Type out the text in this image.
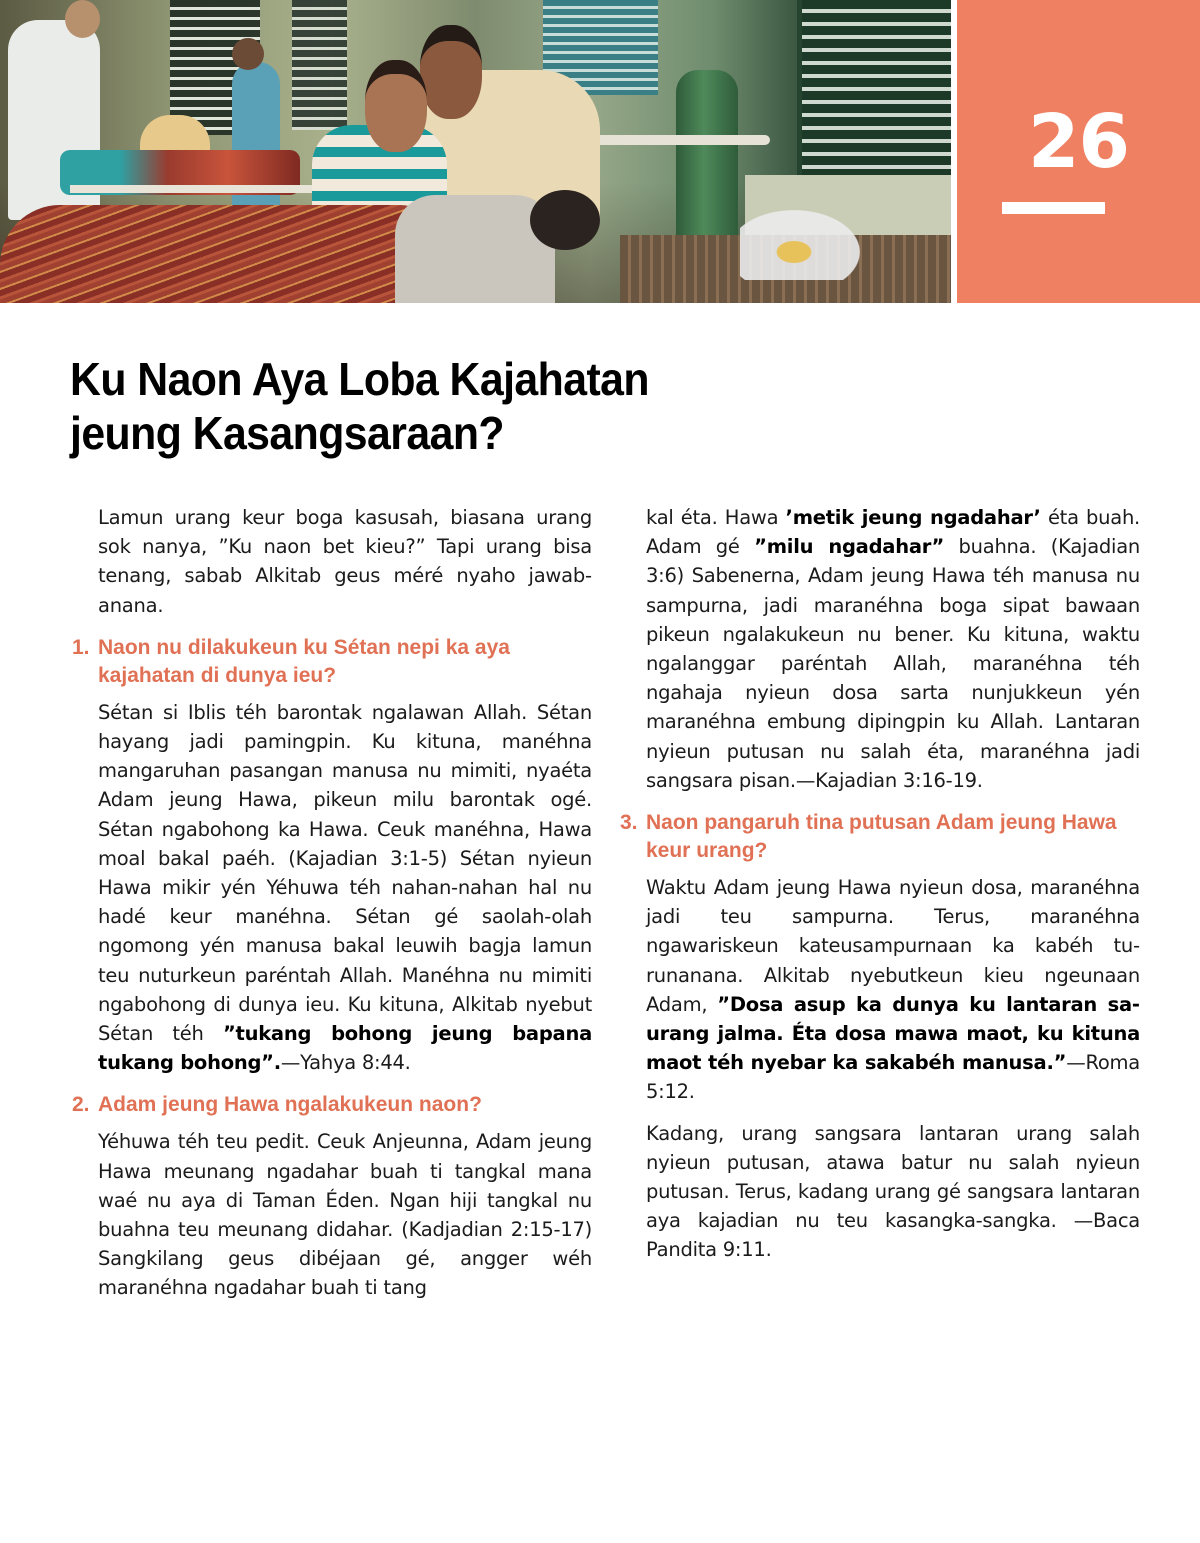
26
Ku Naon Aya Loba Kajahatan
jeung Kasangsaraan?

Lamun urang keur boga kasusah, biasana urang sok nanya, ”Ku naon bet kieu?” Tapi urang bisa tenang, sabab Alkitab geus méré nyaho jawabanana.

1. Naon nu dilakukeun ku Sétan nepi ka aya kajahatan di dunya ieu?

Sétan si Iblis téh barontak ngalawan Allah. Sétan hayang jadi pamingpin. Ku kituna, manéhna mangaruhan pasangan manusa nu mimiti, nyaéta Adam jeung Hawa, pikeun milu barontak ogé. Sétan ngabohong ka Hawa. Ceuk manéhna, Hawa moal bakal paéh. (Kajadian 3:1-5) Sétan nyieun Hawa mikir yén Yéhuwa téh nahan-nahan hal nu hadé keur manéhna. Sétan gé saolah-olah ngomong yén manusa bakal leuwih bagja lamun teu nuturkeun paréntah Allah. Manéhna nu mimiti ngabohong di dunya ieu. Ku kituna, Alkitab nyebut Sétan téh ”tukang bohong jeung bapana tukang bohong”.—Yahya 8:44.

2. Adam jeung Hawa ngalakukeun naon?

Yéhuwa téh teu pedit. Ceuk Anjeunna, Adam jeung Hawa meunang ngadahar buah ti tangkal mana waé nu aya di Taman Éden. Ngan hiji tangkal nu buahna teu meunang didahar. (Kadjadian 2:15-17) Sangkilang geus dibéjaan gé, angger wéh maranéhna ngadahar buah ti tang

kal éta. Hawa ’metik jeung ngadahar’ éta buah. Adam gé ”milu ngadahar” buahna. (Kajadian 3:6) Sabenerna, Adam jeung Hawa téh manusa nu sampurna, jadi maranéhna boga sipat bawaan pikeun ngalakukeun nu bener. Ku kituna, waktu ngalanggar paréntah Allah, maranéhna téh ngahaja nyieun dosa sarta nunjukkeun yén maranéhna embung dipingpin ku Allah. Lantaran nyieun putusan nu salah éta, maranéhna jadi sangsara pisan.—Kajadian 3:16-19.

3. Naon pangaruh tina putusan Adam jeung Hawa keur urang?

Waktu Adam jeung Hawa nyieun dosa, maranéhna jadi teu sampurna. Terus, maranéhna ngawariskeun kateusampurnaan ka kabéh turunanana. Alkitab nyebutkeun kieu ngeunaan Adam, ”Dosa asup ka dunya ku lantaran saurang jalma. Éta dosa mawa maot, ku kituna maot téh nyebar ka sakabéh manusa.”—Roma 5:12.

Kadang, urang sangsara lantaran urang salah nyieun putusan, atawa batur nu salah nyieun putusan. Terus, kadang urang gé sangsara lantaran aya kajadian nu teu kasangka-sangka. —Baca Pandita 9:11.
